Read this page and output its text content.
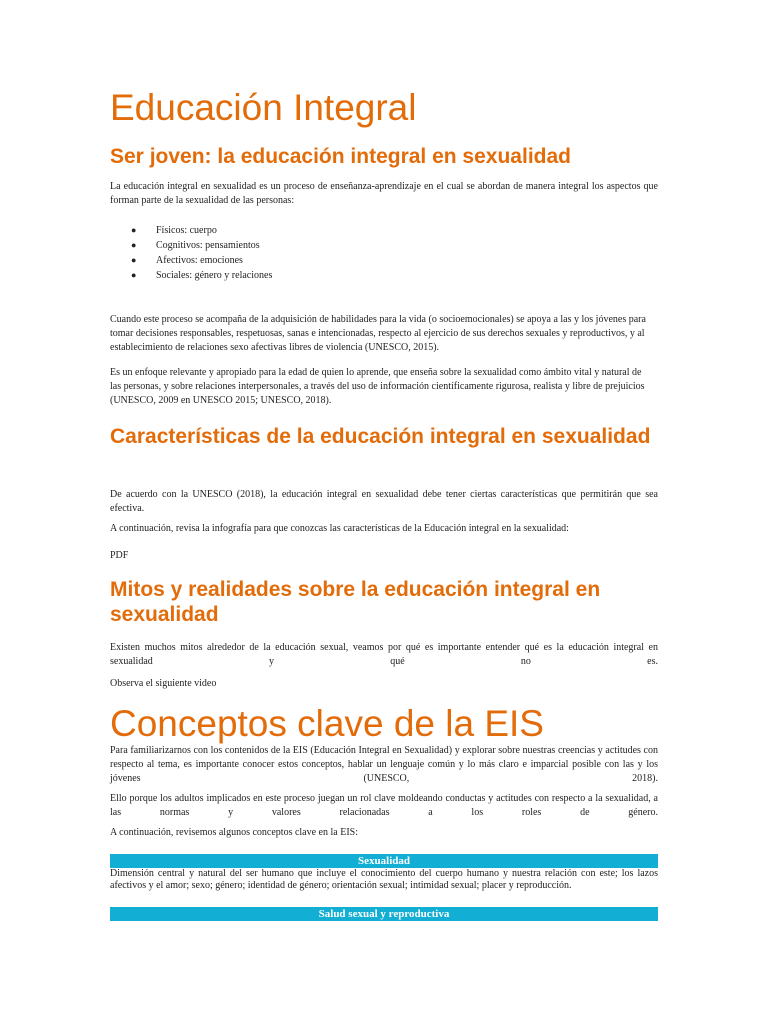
Educación Integral
Ser joven: la educación integral en sexualidad

La educación integral en sexualidad es un proceso de enseñanza-aprendizaje en el cual se abordan de manera integral los aspectos que forman parte de la sexualidad de las personas:

● Físicos: cuerpo
● Cognitivos: pensamientos
● Afectivos: emociones
● Sociales: género y relaciones

Cuando este proceso se acompaña de la adquisición de habilidades para la vida (o socioemocionales) se apoya a las y los jóvenes para tomar decisiones responsables, respetuosas, sanas e intencionadas, respecto al ejercicio de sus derechos sexuales y reproductivos, y al establecimiento de relaciones sexo afectivas libres de violencia (UNESCO, 2015).

Es un enfoque relevante y apropiado para la edad de quien lo aprende, que enseña sobre la sexualidad como ámbito vital y natural de las personas, y sobre relaciones interpersonales, a través del uso de información científicamente rigurosa, realista y libre de prejuicios (UNESCO, 2009 en UNESCO 2015; UNESCO, 2018).

Características de la educación integral en sexualidad

De acuerdo con la UNESCO (2018), la educación integral en sexualidad debe tener ciertas características que permitirán que sea efectiva.

A continuación, revisa la infografía para que conozcas las características de la Educación integral en la sexualidad:

PDF

Mitos y realidades sobre la educación integral en sexualidad

Existen muchos mitos alrededor de la educación sexual, veamos por qué es importante entender qué es la educación integral en sexualidad y qué no es.

Observa el siguiente video

Conceptos clave de la EIS

Para familiarizarnos con los contenidos de la EIS (Educación Integral en Sexualidad) y explorar sobre nuestras creencias y actitudes con respecto al tema, es importante conocer estos conceptos, hablar un lenguaje común y lo más claro e imparcial posible con las y los jóvenes (UNESCO, 2018).

Ello porque los adultos implicados en este proceso juegan un rol clave moldeando conductas y actitudes con respecto a la sexualidad, a las normas y valores relacionadas a los roles de género.

A continuación, revisemos algunos conceptos clave en la EIS:

Sexualidad

Dimensión central y natural del ser humano que incluye el conocimiento del cuerpo humano y nuestra relación con este; los lazos afectivos y el amor; sexo; género; identidad de género; orientación sexual; intimidad sexual; placer y reproducción.

Salud sexual y reproductiva
